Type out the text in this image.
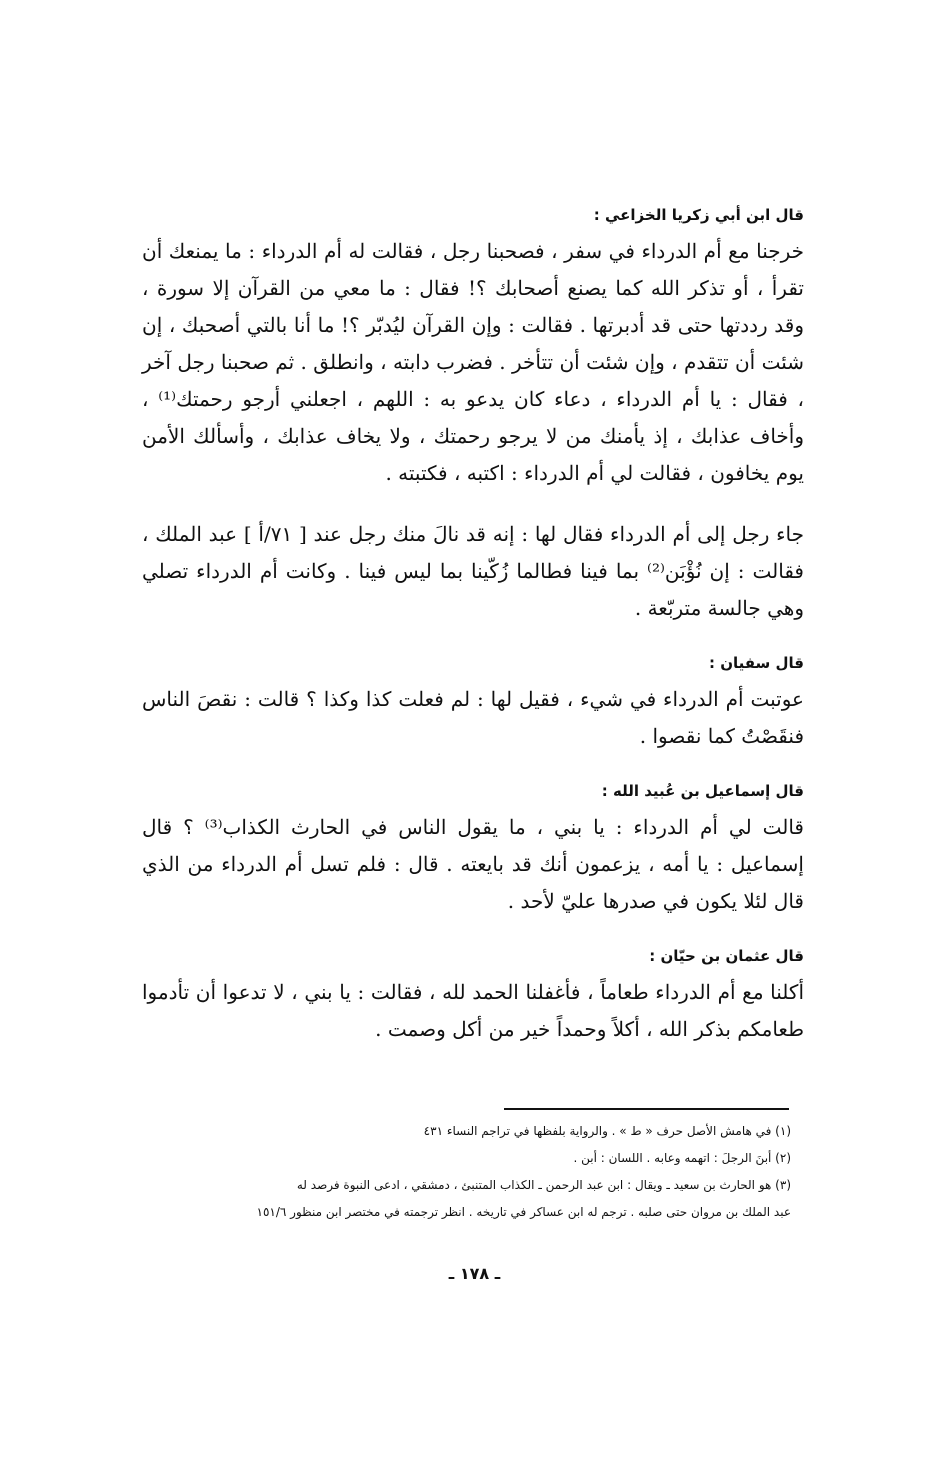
قال ابن أبي زكريا الخزاعي :

خرجنا مع أم الدرداء في سفر ، فصحبنا رجل ، فقالت له أم الدرداء : ما يمنعك أن تقرأ ، أو تذكر الله كما يصنع أصحابك ؟! فقال : ما معي من القرآن إلا سورة ، وقد رددتها حتى قد أدبرتها . فقالت : وإن القرآن ليُدبّر ؟! ما أنا بالتي أصحبك ، إن شئت أن تتقدم ، وإن شئت أن تتأخر . فضرب دابته ، وانطلق . ثم صحبنا رجل آخر ، فقال : يا أم الدرداء ، دعاء كان يدعو به : اللهم ، اجعلني أرجو رحمتك⁽¹⁾ ، وأخاف عذابك ، إذ يأمنك من لا يرجو رحمتك ، ولا يخاف عذابك ، وأسألك الأمن يوم يخافون ، فقالت لي أم الدرداء : اكتبه ، فكتبته .

جاء رجل إلى أم الدرداء فقال لها : إنه قد نالَ منك رجل عند [ ٧١/أ ] عبد الملك ، فقالت : إن نُؤْبَن⁽²⁾ بما فينا فطالما زُكّينا بما ليس فينا . وكانت أم الدرداء تصلي وهي جالسة متربّعة .

قال سفيان :

عوتبت أم الدرداء في شيء ، فقيل لها : لم فعلت كذا وكذا ؟ قالت : نقصَ الناس فنقَصْتُ كما نقصوا .

قال إسماعيل بن عُبيد الله :

قالت لي أم الدرداء : يا بني ، ما يقول الناس في الحارث الكذاب⁽³⁾ ؟ قال إسماعيل : يا أمه ، يزعمون أنك قد بايعته . قال : فلم تسل أم الدرداء من الذي قال لئلا يكون في صدرها عليّ لأحد .

قال عثمان بن حيّان :

أكلنا مع أم الدرداء طعاماً ، فأغفلنا الحمد لله ، فقالت : يا بني ، لا تدعوا أن تأدموا طعامكم بذكر الله ، أكلاً وحمداً خير من أكل وصمت .

(١) في هامش الأصل حرف « ط » . والرواية بلفظها في تراجم النساء ٤٣١

(٢) أبنَ الرجلَ : اتهمه وعابه . اللسان : أبن .

(٣) هو الحارث بن سعيد ـ ويقال : ابن عبد الرحمن ـ الكذاب المتنبئ ، دمشقي ، ادعى النبوة فرصد له

عبد الملك بن مروان حتى صلبه . ترجم له ابن عساكر في تاريخه . انظر ترجمته في مختصر ابن منظور ١٥١/٦

ـ ١٧٨ ـ
